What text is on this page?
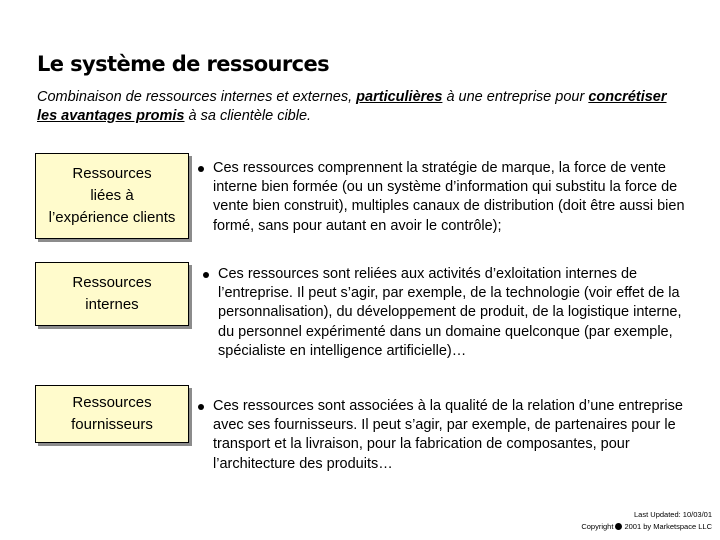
Le système de ressources

Combinaison de ressources internes et externes, particulières à une entreprise pour concrétiser les avantages promis à sa clientèle cible.

Ressources
liées à
l’expérience clients
Ces ressources comprennent la stratégie de marque, la force de vente interne bien formée (ou un système d’information qui substitu la force de vente bien construit), multiples canaux de distribution (doit être aussi bien formé, sans pour autant en avoir le contrôle);
Ressources
internes
Ces ressources sont reliées aux activités d’exloitation internes de l’entreprise. Il peut s’agir, par exemple, de la technologie (voir effet de la personnalisation), du développement de produit, de la logistique interne, du personnel expérimenté dans un domaine quelconque (par exemple, spécialiste en intelligence artificielle)…
Ressources
fournisseurs
Ces ressources sont associées à la qualité de la relation d’une entreprise avec ses fournisseurs. Il peut s’agir, par exemple, de partenaires pour le transport et la livraison, pour la fabrication de composantes, pour l’architecture des produits…
Last Updated: 10/03/01
Copyright 2001 by Marketspace LLC
